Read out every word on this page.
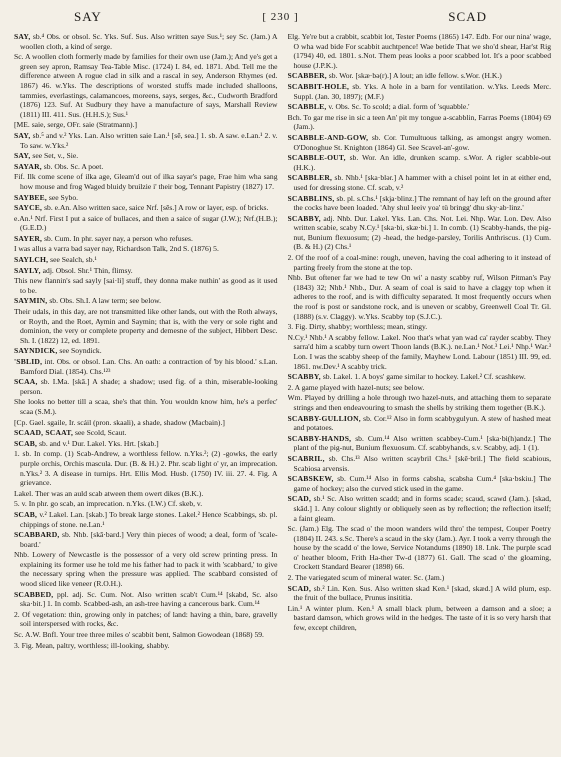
SAY	[ 230 ]	SCAD

SAY, sb.⁴ Obs. or obsol. Sc. Yks. Suf. Sus. Also written saye Sus.¹; sey Sc. (Jam.) A woollen cloth, a kind of serge.

Sc. A woollen cloth formerly made by families for their own use (Jam.); And ye's get a green sey apron, Ramsay Tea-Table Misc. (1724) I. 84, ed. 1871. Abd. Tell me the difference atween A rogue clad in silk and a rascal in sey, Anderson Rhymes (ed. 1867) 46. w.Yks. The descriptions of worsted stuffs made included shalloons, tammies, everlastings, calamancoes, moreens, says, serges, &c., Cudworth Bradford (1876) 123. Suf. At Sudbury they have a manufacture of says, Marshall Review (1811) III. 411. Sus. (H.H.S.); Sus.¹

[ME. saie, serge, OFr. saie (Stratmann).]

SAY, sb.⁵ and v.² Yks. Lan. Also written saie Lan.¹ [sē, sea.] 1. sb. A saw. e.Lan.¹ 2. v. To saw. w.Yks.²

SAY, see Set, v., Sie.

SAYAR, sb. Obs. Sc. A poet.

Fif. Ilk come scene of ilka age, Gleam'd out of ilka sayar's page, Frae him wha sang how mouse and frog Waged bluidy bruilzie i' their bog, Tennant Papistry (1827) 17.

SAYBEE, see Sybo.

SAYCE, sb. e.An. Also written sace, saice Nrf. [sēs.] A row or layer, esp. of bricks.

e.An.¹ Nrf. First I put a saice of bullaces, and then a saice of sugar (J.W.); Nrf.(H.B.); (G.E.D.)

SAYER, sb. Cum. In phr. sayer nay, a person who refuses.

I was allus a varra bad sayer nay, Richardson Talk, 2nd S. (1876) 5.

SAYLCH, see Sealch, sb.¹

SAYLY, adj. Obsol. Shr.¹ Thin, flimsy.

This new flannin's sad sayly [sai·li] stuff, they donna make nuthin' as good as it used to be.

SAYMIN, sb. Obs. Sh.I. A law term; see below.

Their udals, in this day, are not transmitted like other lands, out with the Roth always, or Royth, and the Roet, Aymin and Saymin; that is, with the very or sole right and dominion, the very or complete property and demesne of the subject, Hibbert Desc. Sh. I. (1822) 12, ed. 1891.

SAYNDICK, see Soyndick.

'SBLID, int. Obs. or obsol. Lan. Chs. An oath: a contraction of 'by his blood.' s.Lan. Bamford Dial. (1854). Chs.¹²³

SCAA, sb. I.Ma. [skā.] A shade; a shadow; used fig. of a thin, miserable-looking person.

She looks no better till a scaa, she's that thin. You wouldn know him, he's a perfec' scaa (S.M.).

[Cp. Gael. sgaile, Ir. scáil (pron. skaali), a shade, shadow (Macbain).]

SCAAD, SCAAT, see Scold, Scaut.

SCAB, sb. and v.¹ Dur. Lakel. Yks. Hrt. [skab.]

1. sb. In comp. (1) Scab-Andrew, a worthless fellow. n.Yks.²; (2) -gowks, the early purple orchis, Orchis mascula. Dur. (B. & H.) 2. Phr. scab light o' yr, an imprecation. n.Yks.² 3. A disease in turnips. Hrt. Ellis Mod. Husb. (1750) IV. iii. 27. 4. Fig. A grievance.

Lakel. Ther was an auld scab atween them owert dikes (B.K.).

5. v. In phr. go scab, an imprecation. n.Yks. (I.W.) Cf. skeb, v.

SCAB, v.² Lakel. Lan. [skab.] To break large stones. Lakel.² Hence Scabbings, sb. pl. chippings of stone. ne.Lan.¹

SCABBARD, sb. Nhb. [skā·bard.] Very thin pieces of wood; a deal, form of 'scale-board.'

Nhb. Lowery of Newcastle is the possessor of a very old screw printing press. In explaining its former use he told me his father had to pack it with 'scabbard,' to give the necessary spring when the pressure was applied. The scabbard consisted of wood sliced like veneer (R.O.H.).

SCABBED, ppl. adj. Sc. Cum. Not. Also written scab't Cum.¹⁴ [skabd, Sc. also ska·bit.] 1. In comb. Scabbed-ash, an ash-tree having a cancerous bark. Cum.¹⁴

2. Of vegetation: thin, growing only in patches; of land: having a thin, bare, gravelly soil interspersed with rocks, &c.

Sc. A.W. Bnfl. Your tree three miles o' scabbit bent, Salmon Gowodean (1868) 59.

3. Fig. Mean, paltry, worthless; ill-looking, shabby.

Elg. Ye're but a crabbit, scabbit lot, Tester Poems (1865) 147. Edb. For our nina' wage, O wha wad bide For scabbit auchtpence! Wae betide That we sho'd shear, Har'st Rig (1794) 40, ed. 1801. s.Not. Them peas looks a poor scabbed lot. It's a poor scabbed house (J.P.K.).

SCABBER, sb. Wor. [skæ·bə(r).] A lout; an idle fellow. s.Wor. (H.K.)

SCABBIT-HOLE, sb. Yks. A hole in a barn for ventilation. w.Yks. Leeds Merc. Suppl. (Jan. 30, 1897); (M.F.)

SCABBLE, v. Obs. Sc. To scold; a dial. form of 'squabble.'

Bch. To gar me rise in sic a teen An' pit my tongue a-scabblin, Farras Poems (1804) 69 (Jam.).

SCABBLE-AND-GOW, sb. Cor. Tumultuous talking, as amongst angry women. O'Donoghue St. Knighton (1864) Gl. See Scavel-an'-gow.

SCABBLE-OUT, sb. Wor. An idle, drunken scamp. s.Wor. A rigler scabble-out (H.K.).

SCABBLER, sb. Nhb.¹ [ska·blər.] A hammer with a chisel point let in at either end, used for dressing stone. Cf. scab, v.²

SCABBLINS, sb. pl. s.Chs.¹ [skja·blinz.] The remnant of hay left on the ground after the cocks have been loaded. 'Ahy shul leeiv yoa' tü bringg' dhu sky·ab·linz.'

SCABBY, adj. Nhb. Dur. Lakel. Yks. Lan. Chs. Not. Lei. Nhp. War. Lon. Dev. Also written scabie, scaby N.Cy.¹ [ska·bi, skæ·bi.] 1. In comb. (1) Scabby-hands, the pig-nut, Bunium flexuosum; (2) -head, the hedge-parsley, Torilis Anthriscus. (1) Cum. (B. & H.) (2) Chs.¹

2. Of the roof of a coal-mine: rough, uneven, having the coal adhering to it instead of parting freely from the stone at the top.

Nhb. But oftener far we had te tew On wi' a nasty scabby ruf, Wilson Pitman's Pay (1843) 32; Nhb.¹ Nhb., Dur. A seam of coal is said to have a claggy top when it adheres to the roof, and is with difficulty separated. It most frequently occurs when the roof is post or sandstone rock, and is uneven or scabby, Greenwell Coal Tr. Gl. (1888) (s.v. Claggy). w.Yks. Scabby top (S.J.C.).

3. Fig. Dirty, shabby; worthless; mean, stingy.

N.Cy.¹ Nhb.¹ A scabby fellow. Lakel. Noo that's what yan wad ca' rayder scabby. They sarra'd him a scabby turn owert Thoon lands (B.K.). ne.Lan.¹ Not.³ Lei.¹ Nhp.¹ War.³ Lon. I was the scabby sheep of the family, Mayhew Lond. Labour (1851) III. 99, ed. 1861. nw.Dev.¹ A scabby trick.

SCABBY, sb. Lakel. 1. A boys' game similar to hockey. Lakel.² Cf. scashkew.

2. A game played with hazel-nuts; see below.

Wm. Played by drilling a hole through two hazel-nuts, and attaching them to separate strings and then endeavouring to smash the shells by striking them together (B.K.).

SCABBY-GULLION, sb. Cor.¹² Also in form scabbygulyun. A stew of hashed meat and potatoes.

SCABBY-HANDS, sb. Cum.¹⁴ Also written scabbey-Cum.¹ [ska·bi(h)andz.] The plant of the pig-nut, Bunium flexuosum. Cf. scabbyhands, s.v. Scabby, adj. 1 (1).

SCABRIL, sb. Chs.¹³ Also written scaybril Chs.¹ [skē·bril.] The field scabious, Scabiosa arvensis.

SCABSKEW, sb. Cum.¹⁴ Also in forms cabsha, scabsha Cum.⁴ [ska·bskiu.] The game of hockey; also the curved stick used in the game.

SCAD, sb.¹ Sc. Also written scadd; and in forms scade; scaud, scawd (Jam.). [skad, skād.] 1. Any colour slightly or obliquely seen as by reflection; the reflection itself; a faint gleam.

Sc. (Jam.) Elg. The scad o' the moon wanders wild thro' the tempest, Couper Poetry (1804) II. 243. s.Sc. There's a scaud in the sky (Jam.). Ayr. I took a verry through the house by the scadd o' the lowe, Service Notandums (1890) 18. Lnk. The purple scad o' heather bloom, Frith Ha-ther Tw-d (1877) 61. Gall. The scad o' the gloaming, Crockett Standard Bearer (1898) 66.

2. The variegated scum of mineral water. Sc. (Jam.)

SCAD, sb.² Lin. Ken. Sus. Also written skad Ken.¹ [skad, skæd.] A wild plum, esp. the fruit of the bullace, Prunus insititia.

Lin.¹ A winter plum. Ken.¹ A small black plum, between a damson and a sloe; a bastard damson, which grows wild in the hedges. The taste of it is so very harsh that few, except children,
